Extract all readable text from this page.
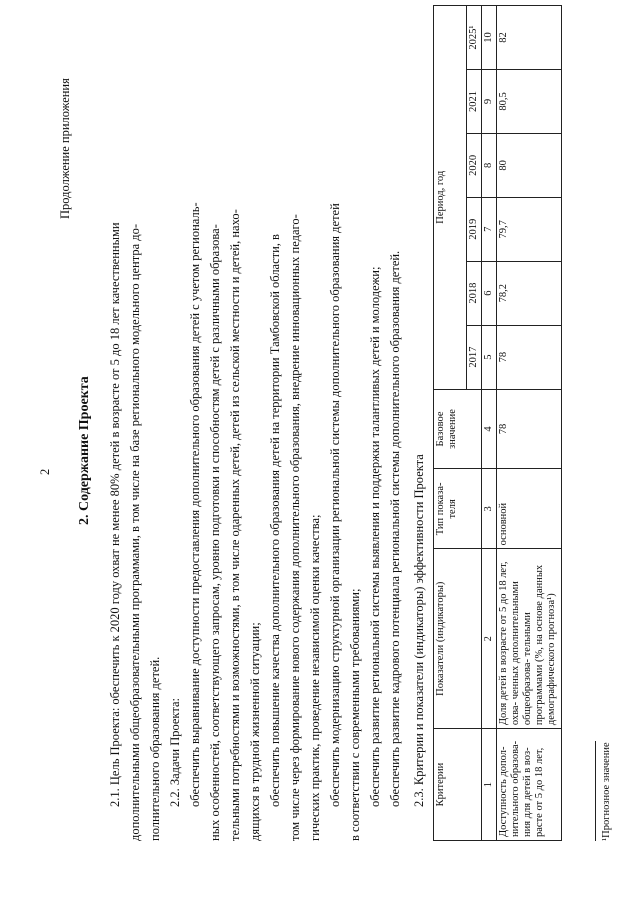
2
Продолжение приложения
2. Содержание Проекта 2.1. Цель Проекта: обеспечить к 2020 году охват не менее 80% детей в возрасте от 5 до 18 лет качественными дополнительными общеобразовательными программами, в том числе на базе регионального модельного центра до- полнительного образования детей. 2.2. Задачи Проекта: обеспечить выравнивание доступности предоставления дополнительного образования детей с учетом региональ- ных особенностей, соответствующего запросам, уровню подготовки и способностям детей с различными образова- тельными потребностями и возможностями, в том числе одаренных детей, детей из сельской местности и детей, нахо- дящихся в трудной жизненной ситуации; обеспечить повышение качества дополнительного образования детей на территории Тамбовской области, в том числе через формирование нового содержания дополнительного образования, внедрение инновационных педаго- гических практик, проведение независимой оценки качества; обеспечить модернизацию структурной организации региональной системы дополнительного образования детей в соответствии с современными требованиями; обеспечить развитие региональной системы выявления и поддержки талантливых детей и молодежи; обеспечить развитие кадрового потенциала региональной системы дополнительного образования детей. 2.3. Критерии и показатели (индикаторы) эффективности Проекта Критерии	Показатели (индикаторы)	Тип показа- теля	Базовое значение	Период, год					
				2017	2018	2019	2020	2021	2025¹
1	2	3	4	5	6	7	8	9	10
Доступность допол- нительного образова- ния для детей в воз- расте от 5 до 18 лет,	Доля детей в возрасте от 5 до 18 лет, охва- ченных дополнительными общеобразова- тельными программами (%, на основе данных демографического прогноза¹)	основной	78	78	78,2	79,7	80	80,5	82
¹Прогнозное значение
